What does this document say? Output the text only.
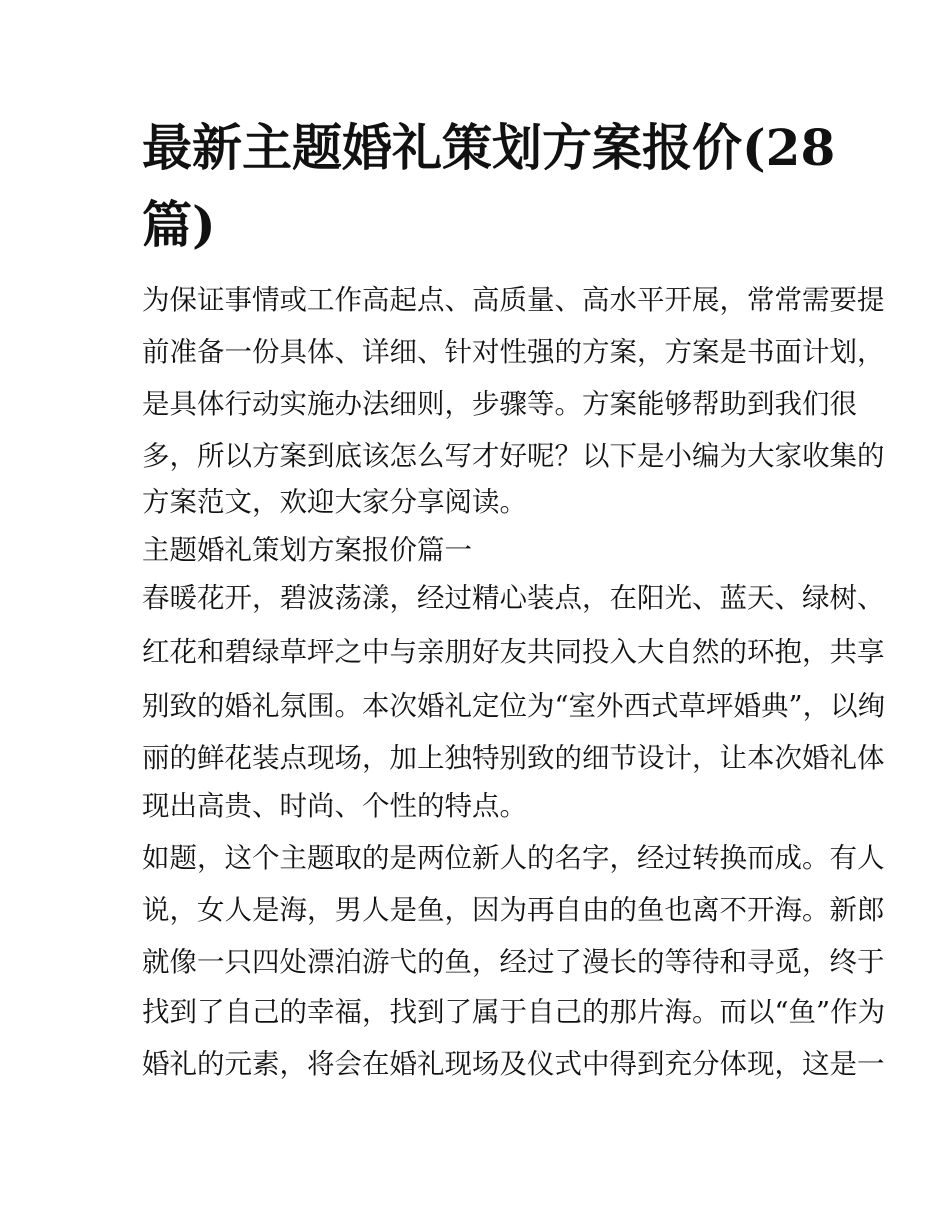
最新主题婚礼策划方案报价(28
篇)
为保证事情或工作高起点、高质量、高水平开展，常常需要提
前准备一份具体、详细、针对性强的方案，方案是书面计划，
是具体行动实施办法细则，步骤等。方案能够帮助到我们很
多，所以方案到底该怎么写才好呢？以下是小编为大家收集的
方案范文，欢迎大家分享阅读。
主题婚礼策划方案报价篇一
春暖花开，碧波荡漾，经过精心装点，在阳光、蓝天、绿树、
红花和碧绿草坪之中与亲朋好友共同投入大自然的环抱，共享
别致的婚礼氛围。本次婚礼定位为“室外西式草坪婚典”，以绚
丽的鲜花装点现场，加上独特别致的细节设计，让本次婚礼体
现出高贵、时尚、个性的特点。
如题，这个主题取的是两位新人的名字，经过转换而成。有人
说，女人是海，男人是鱼，因为再自由的鱼也离不开海。新郎
就像一只四处漂泊游弋的鱼，经过了漫长的等待和寻觅，终于
找到了自己的幸福，找到了属于自己的那片海。而以“鱼”作为
婚礼的元素，将会在婚礼现场及仪式中得到充分体现，这是一
